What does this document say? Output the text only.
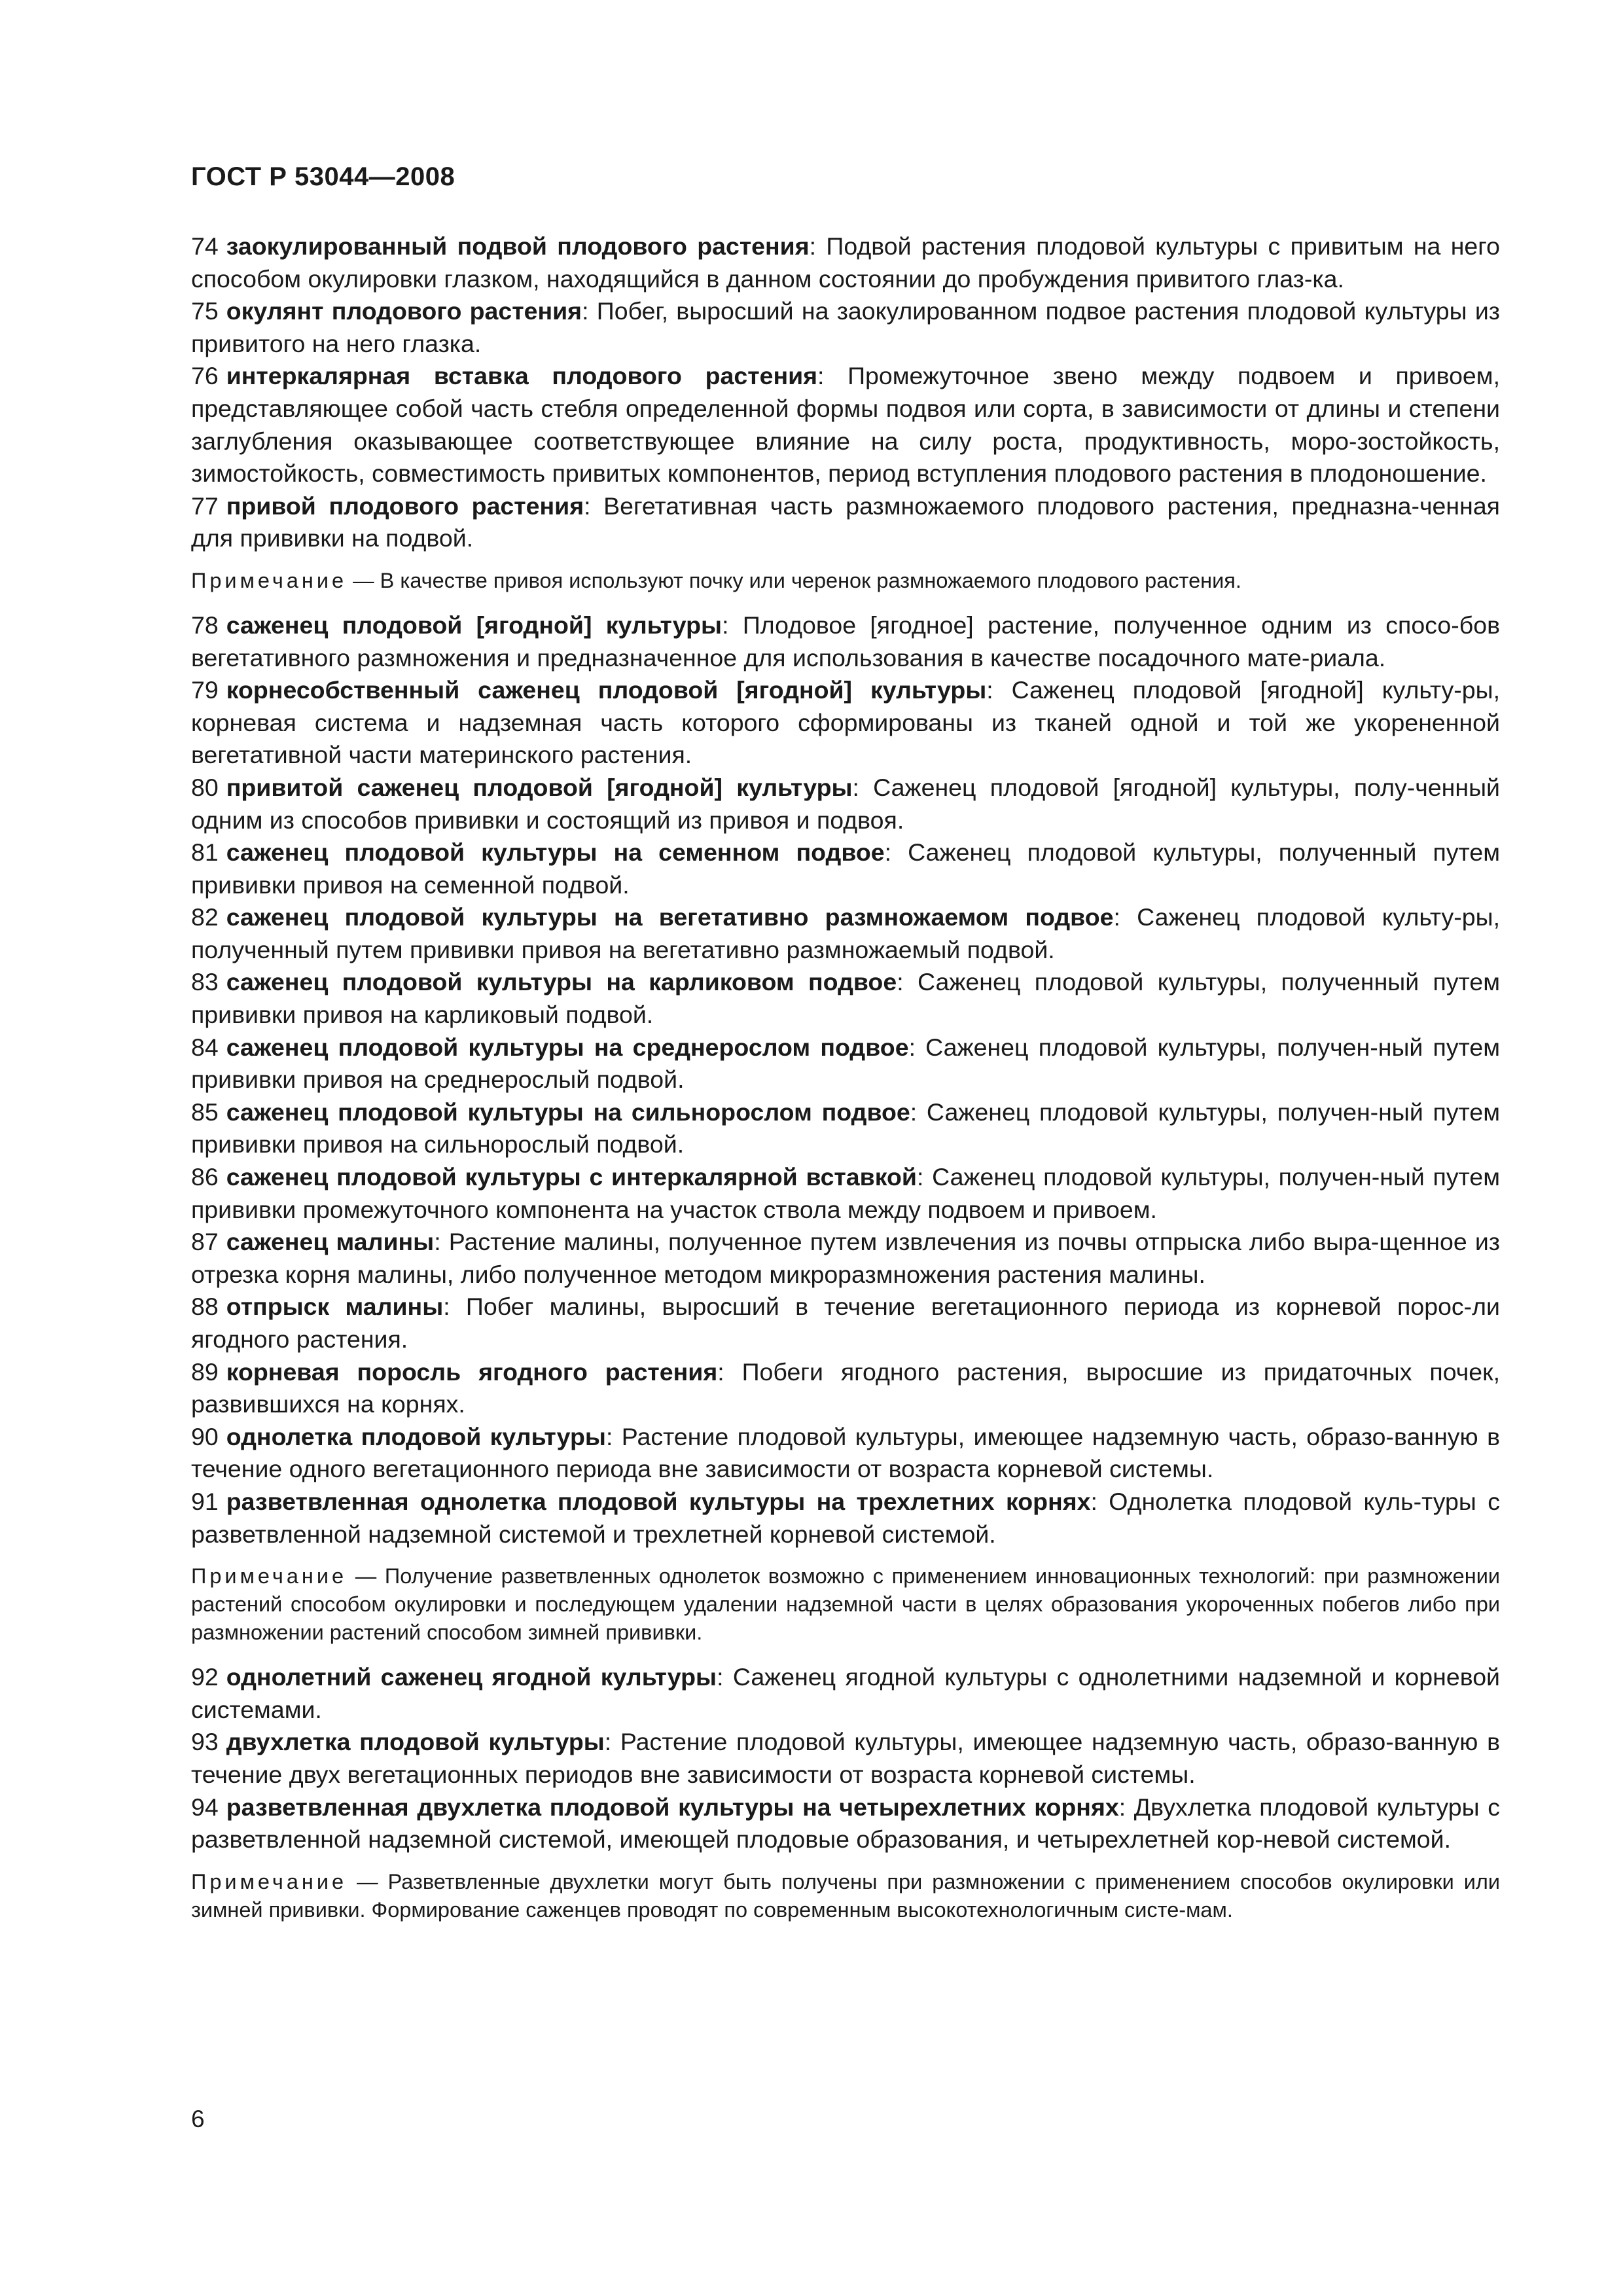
ГОСТ Р 53044—2008

74 заокулированный подвой плодового растения: Подвой растения плодовой культуры с привитым на него способом окулировки глазком, находящийся в данном состоянии до пробуждения привитого глаз-ка.

75 окулянт плодового растения: Побег, выросший на заокулированном подвое растения плодовой культуры из привитого на него глазка.

76 интеркалярная вставка плодового растения: Промежуточное звено между подвоем и привоем, представляющее собой часть стебля определенной формы подвоя или сорта, в зависимости от длины и степени заглубления оказывающее соответствующее влияние на силу роста, продуктивность, моро-зостойкость, зимостойкость, совместимость привитых компонентов, период вступления плодового растения в плодоношение.

77 привой плодового растения: Вегетативная часть размножаемого плодового растения, предназна-ченная для прививки на подвой.

Примечание — В качестве привоя используют почку или черенок размножаемого плодового растения.

78 саженец плодовой [ягодной] культуры: Плодовое [ягодное] растение, полученное одним из спосо-бов вегетативного размножения и предназначенное для использования в качестве посадочного мате-риала.

79 корнесобственный саженец плодовой [ягодной] культуры: Саженец плодовой [ягодной] культу-ры, корневая система и надземная часть которого сформированы из тканей одной и той же укорененной вегетативной части материнского растения.

80 привитой саженец плодовой [ягодной] культуры: Саженец плодовой [ягодной] культуры, полу-ченный одним из способов прививки и состоящий из привоя и подвоя.

81 саженец плодовой культуры на семенном подвое: Саженец плодовой культуры, полученный путем прививки привоя на семенной подвой.

82 саженец плодовой культуры на вегетативно размножаемом подвое: Саженец плодовой культу-ры, полученный путем прививки привоя на вегетативно размножаемый подвой.

83 саженец плодовой культуры на карликовом подвое: Саженец плодовой культуры, полученный путем прививки привоя на карликовый подвой.

84 саженец плодовой культуры на среднерослом подвое: Саженец плодовой культуры, получен-ный путем прививки привоя на среднерослый подвой.

85 саженец плодовой культуры на сильнорослом подвое: Саженец плодовой культуры, получен-ный путем прививки привоя на сильнорослый подвой.

86 саженец плодовой культуры с интеркалярной вставкой: Саженец плодовой культуры, получен-ный путем прививки промежуточного компонента на участок ствола между подвоем и привоем.

87 саженец малины: Растение малины, полученное путем извлечения из почвы отпрыска либо выра-щенное из отрезка корня малины, либо полученное методом микроразмножения растения малины.

88 отпрыск малины: Побег малины, выросший в течение вегетационного периода из корневой порос-ли ягодного растения.

89 корневая поросль ягодного растения: Побеги ягодного растения, выросшие из придаточных почек, развившихся на корнях.

90 однолетка плодовой культуры: Растение плодовой культуры, имеющее надземную часть, образо-ванную в течение одного вегетационного периода вне зависимости от возраста корневой системы.

91 разветвленная однолетка плодовой культуры на трехлетних корнях: Однолетка плодовой куль-туры с разветвленной надземной системой и трехлетней корневой системой.

Примечание — Получение разветвленных однолеток возможно с применением инновационных технологий: при размножении растений способом окулировки и последующем удалении надземной части в целях образования укороченных побегов либо при размножении растений способом зимней прививки.

92 однолетний саженец ягодной культуры: Саженец ягодной культуры с однолетними надземной и корневой системами.

93 двухлетка плодовой культуры: Растение плодовой культуры, имеющее надземную часть, образо-ванную в течение двух вегетационных периодов вне зависимости от возраста корневой системы.

94 разветвленная двухлетка плодовой культуры на четырехлетних корнях: Двухлетка плодовой культуры с разветвленной надземной системой, имеющей плодовые образования, и четырехлетней кор-невой системой.

Примечание — Разветвленные двухлетки могут быть получены при размножении с применением способов окулировки или зимней прививки. Формирование саженцев проводят по современным высокотехнологичным систе-мам.

6
